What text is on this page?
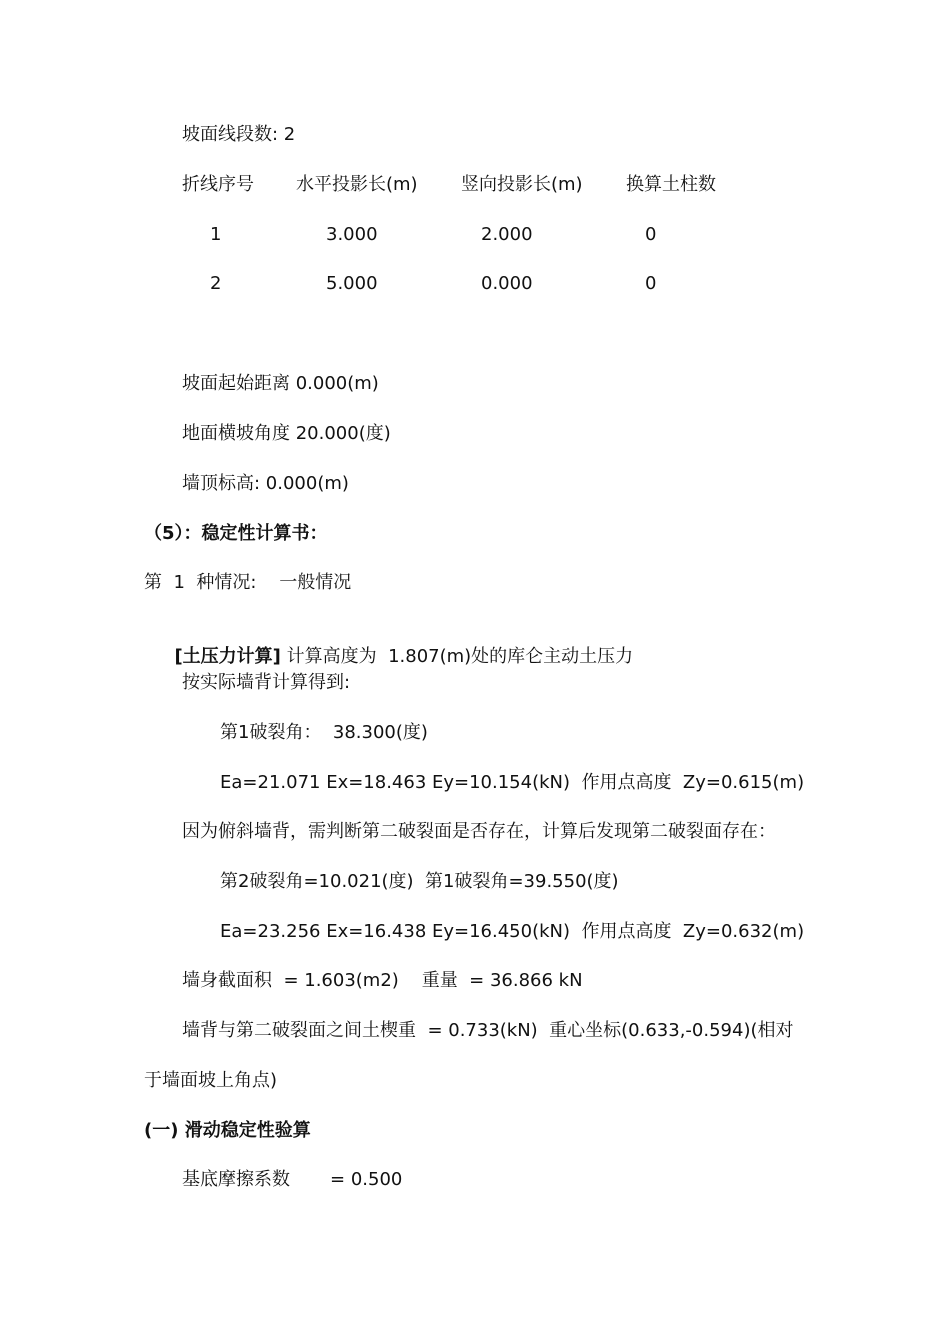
坡面线段数: 2
折线序号 水平投影长(m) 竖向投影长(m) 换算土柱数
1	3.000	2.000	0
2	5.000	0.000	0
坡面起始距离 0.000(m)
地面横坡角度 20.000(度)
墙顶标高: 0.000(m)
（5）：稳定性计算书：
第  1  种情况:    一般情况

[土压力计算] 计算高度为  1.807(m)处的库仑主动土压力

按实际墙背计算得到:
第1破裂角：  38.300(度)
Ea=21.071 Ex=18.463 Ey=10.154(kN)  作用点高度  Zy=0.615(m)
因为俯斜墙背，需判断第二破裂面是否存在，计算后发现第二破裂面存在：
第2破裂角=10.021(度)  第1破裂角=39.550(度)
Ea=23.256 Ex=16.438 Ey=16.450(kN)  作用点高度  Zy=0.632(m)
墙身截面积  = 1.603(m2)    重量  = 36.866 kN
墙背与第二破裂面之间土楔重  = 0.733(kN)  重心坐标(0.633,-0.594)(相对
于墙面坡上角点)
(一) 滑动稳定性验算
基底摩擦系数       = 0.500
